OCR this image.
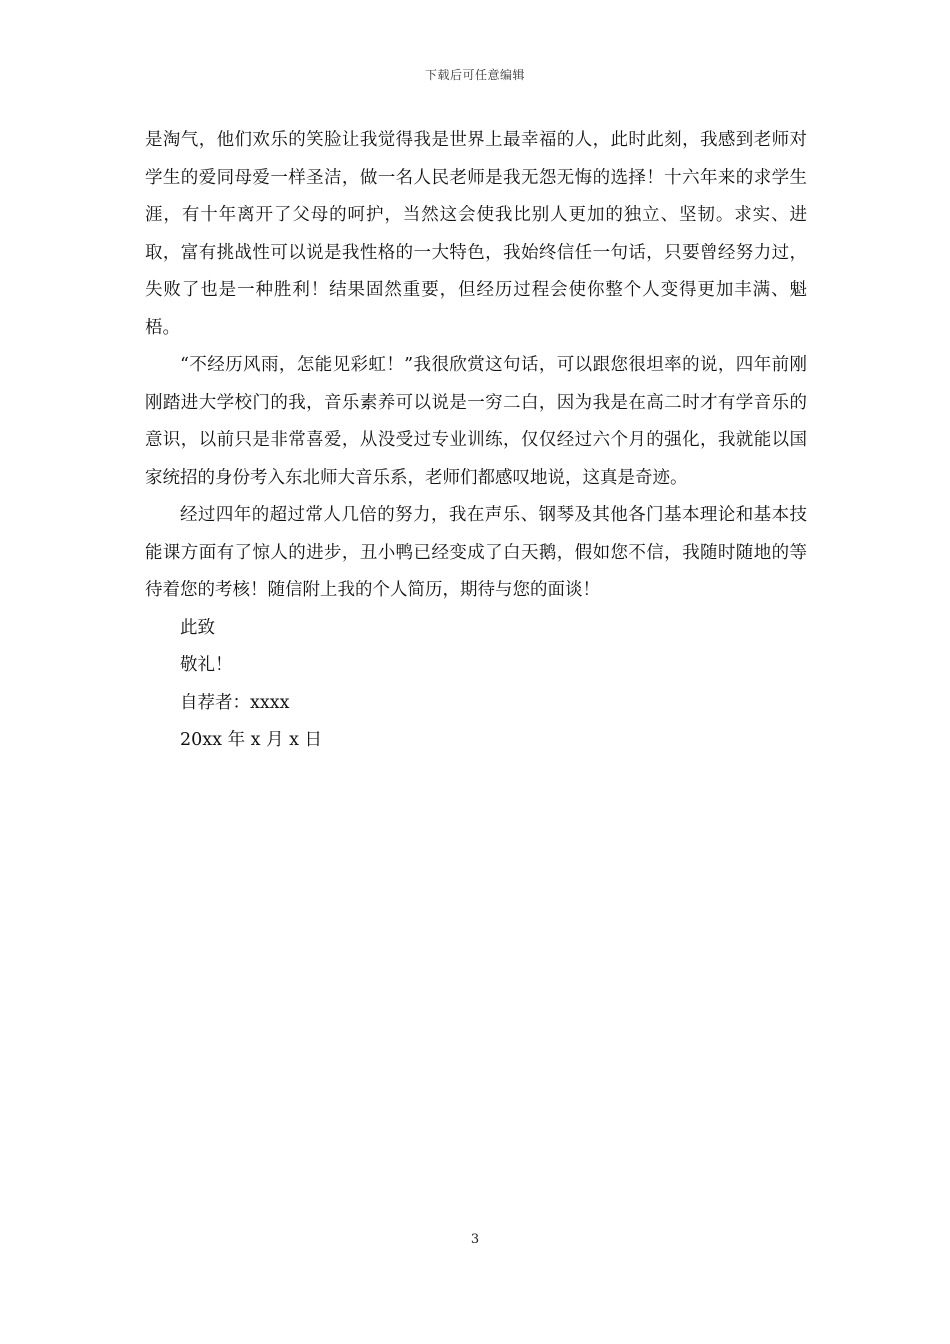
下载后可任意编辑

是淘气，他们欢乐的笑脸让我觉得我是世界上最幸福的人，此时此刻，我感到老师对学生的爱同母爱一样圣洁，做一名人民老师是我无怨无悔的选择！十六年来的求学生涯，有十年离开了父母的呵护，当然这会使我比别人更加的独立、坚韧。求实、进取，富有挑战性可以说是我性格的一大特色，我始终信任一句话，只要曾经努力过，失败了也是一种胜利！结果固然重要，但经历过程会使你整个人变得更加丰满、魁梧。

“不经历风雨，怎能见彩虹！”我很欣赏这句话，可以跟您很坦率的说，四年前刚刚踏进大学校门的我，音乐素养可以说是一穷二白，因为我是在高二时才有学音乐的意识，以前只是非常喜爱，从没受过专业训练，仅仅经过六个月的强化，我就能以国家统招的身份考入东北师大音乐系，老师们都感叹地说，这真是奇迹。

经过四年的超过常人几倍的努力，我在声乐、钢琴及其他各门基本理论和基本技能课方面有了惊人的进步，丑小鸭已经变成了白天鹅，假如您不信，我随时随地的等待着您的考核！随信附上我的个人简历，期待与您的面谈！

此致

敬礼！

自荐者：xxxx

20xx 年 x 月 x 日

3
